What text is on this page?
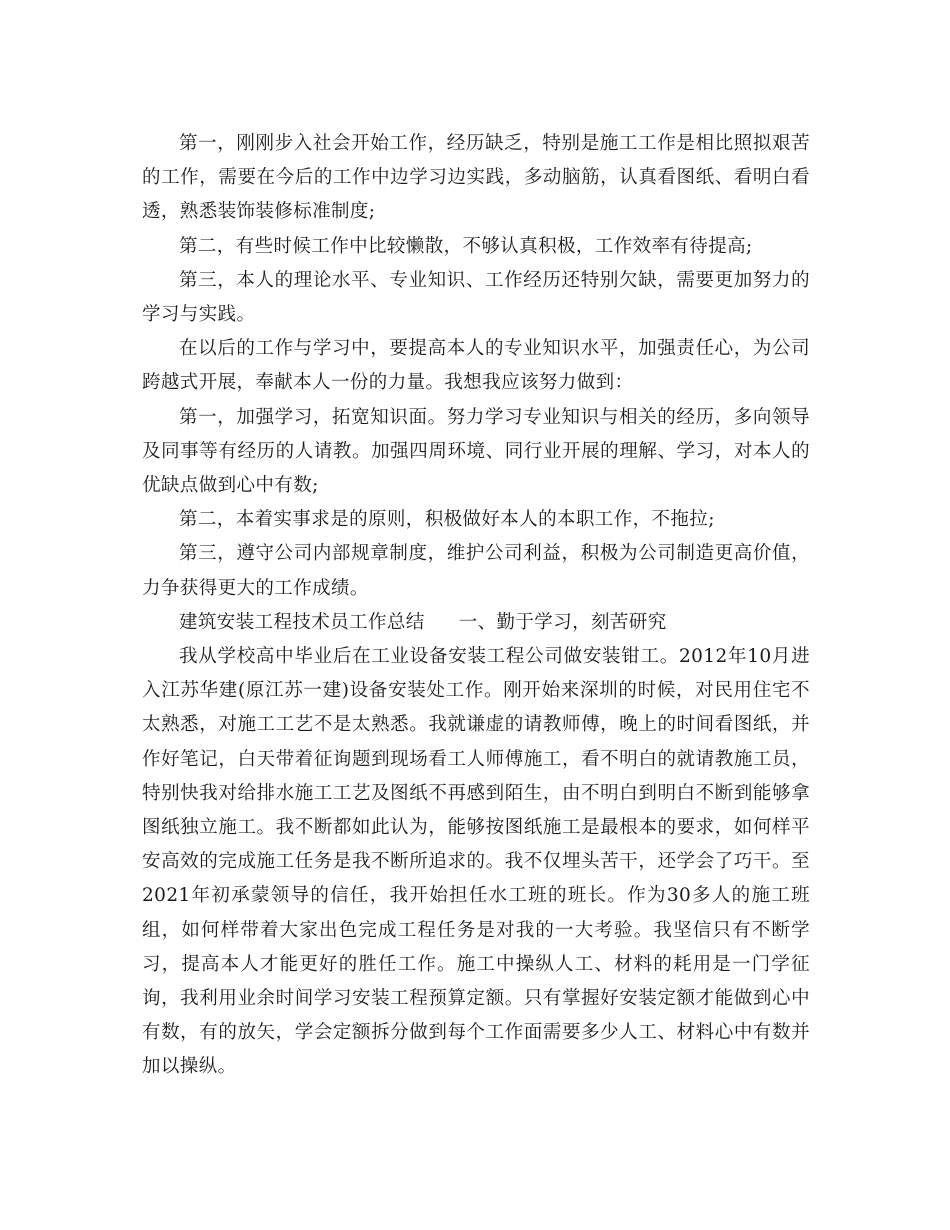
第一，刚刚步入社会开始工作，经历缺乏，特别是施工工作是相比照拟艰苦的工作，需要在今后的工作中边学习边实践，多动脑筋，认真看图纸、看明白看透，熟悉装饰装修标准制度;

第二，有些时候工作中比较懒散，不够认真积极，工作效率有待提高;

第三，本人的理论水平、专业知识、工作经历还特别欠缺，需要更加努力的学习与实践。

在以后的工作与学习中，要提高本人的专业知识水平，加强责任心，为公司跨越式开展，奉献本人一份的力量。我想我应该努力做到：

第一，加强学习，拓宽知识面。努力学习专业知识与相关的经历，多向领导及同事等有经历的人请教。加强四周环境、同行业开展的理解、学习，对本人的优缺点做到心中有数;

第二，本着实事求是的原则，积极做好本人的本职工作，不拖拉;

第三，遵守公司内部规章制度，维护公司利益，积极为公司制造更高价值，力争获得更大的工作成绩。

建筑安装工程技术员工作总结 一、勤于学习，刻苦研究

我从学校高中毕业后在工业设备安装工程公司做安装钳工。2012年10月进入江苏华建(原江苏一建)设备安装处工作。刚开始来深圳的时候，对民用住宅不太熟悉，对施工工艺不是太熟悉。我就谦虚的请教师傅，晚上的时间看图纸，并作好笔记，白天带着征询题到现场看工人师傅施工，看不明白的就请教施工员，特别快我对给排水施工工艺及图纸不再感到陌生，由不明白到明白不断到能够拿图纸独立施工。我不断都如此认为，能够按图纸施工是最根本的要求，如何样平安高效的完成施工任务是我不断所追求的。我不仅埋头苦干，还学会了巧干。至2021年初承蒙领导的信任，我开始担任水工班的班长。作为30多人的施工班组，如何样带着大家出色完成工程任务是对我的一大考验。我坚信只有不断学习，提高本人才能更好的胜任工作。施工中操纵人工、材料的耗用是一门学征询，我利用业余时间学习安装工程预算定额。只有掌握好安装定额才能做到心中有数，有的放矢，学会定额拆分做到每个工作面需要多少人工、材料心中有数并加以操纵。
